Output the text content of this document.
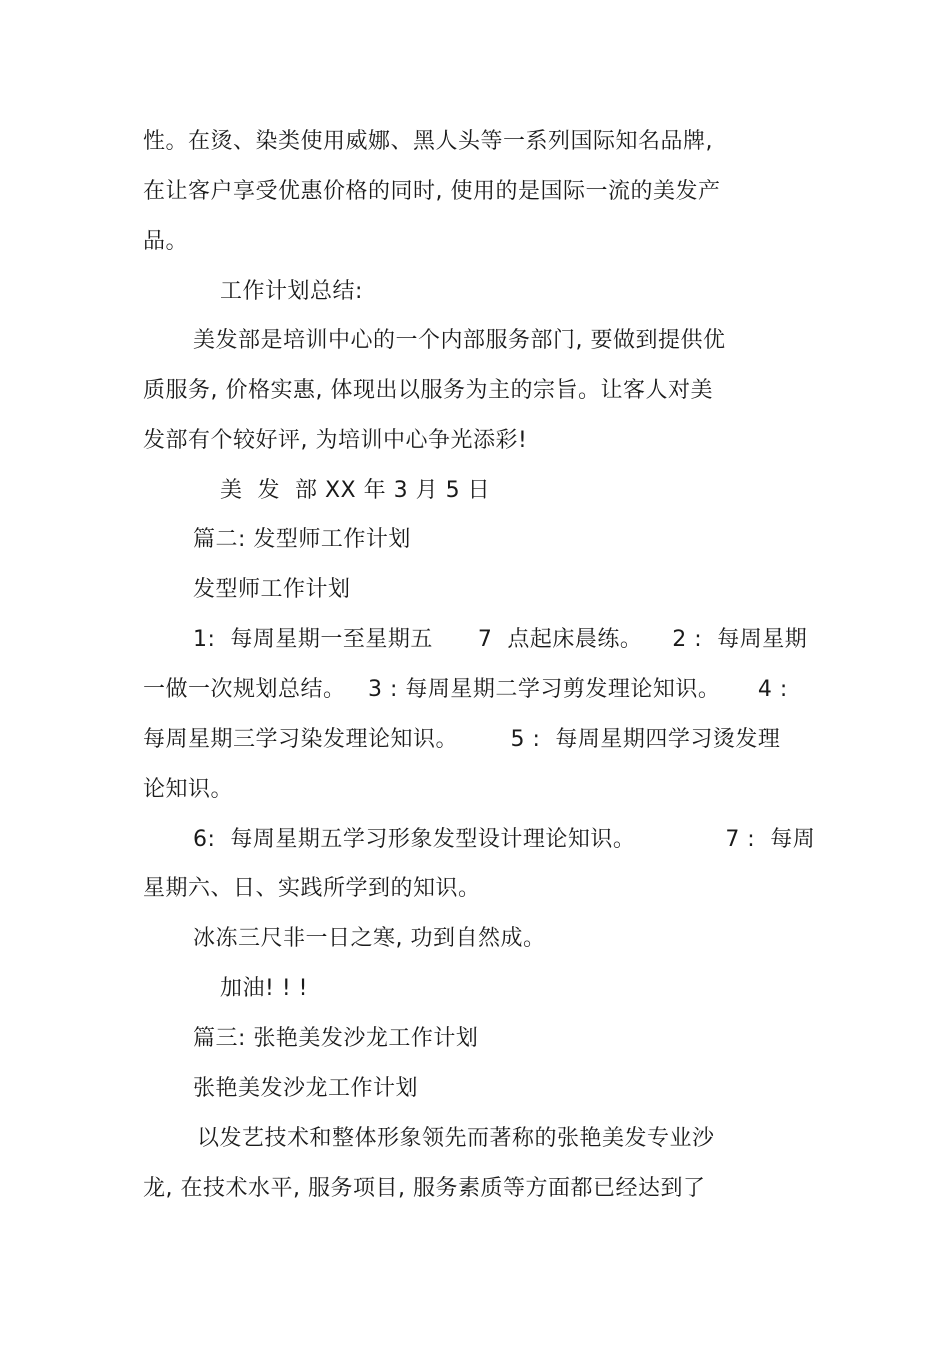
性。在烫、染类使用威娜、黑人头等一系列国际知名品牌,
在让客户享受优惠价格的同时, 使用的是国际一流的美发产
品。
工作计划总结:
美发部是培训中心的一个内部服务部门, 要做到提供优
质服务, 价格实惠, 体现出以服务为主的宗旨。让客人对美
发部有个较好评, 为培训中心争光添彩!
美  发  部 XX 年 3 月 5 日
篇二: 发型师工作计划
发型师工作计划
1:  每周星期一至星期五      7  点起床晨练。    2 :  每周星期
一做一次规划总结。   3 : 每周星期二学习剪发理论知识。     4 :
每周星期三学习染发理论知识。       5 :  每周星期四学习烫发理
论知识。
6:  每周星期五学习形象发型设计理论知识。            7 :  每周
星期六、日、实践所学到的知识。
冰冻三尺非一日之寒, 功到自然成。
加油! ! !
篇三: 张艳美发沙龙工作计划
张艳美发沙龙工作计划
以发艺技术和整体形象领先而著称的张艳美发专业沙
龙, 在技术水平, 服务项目, 服务素质等方面都已经达到了
